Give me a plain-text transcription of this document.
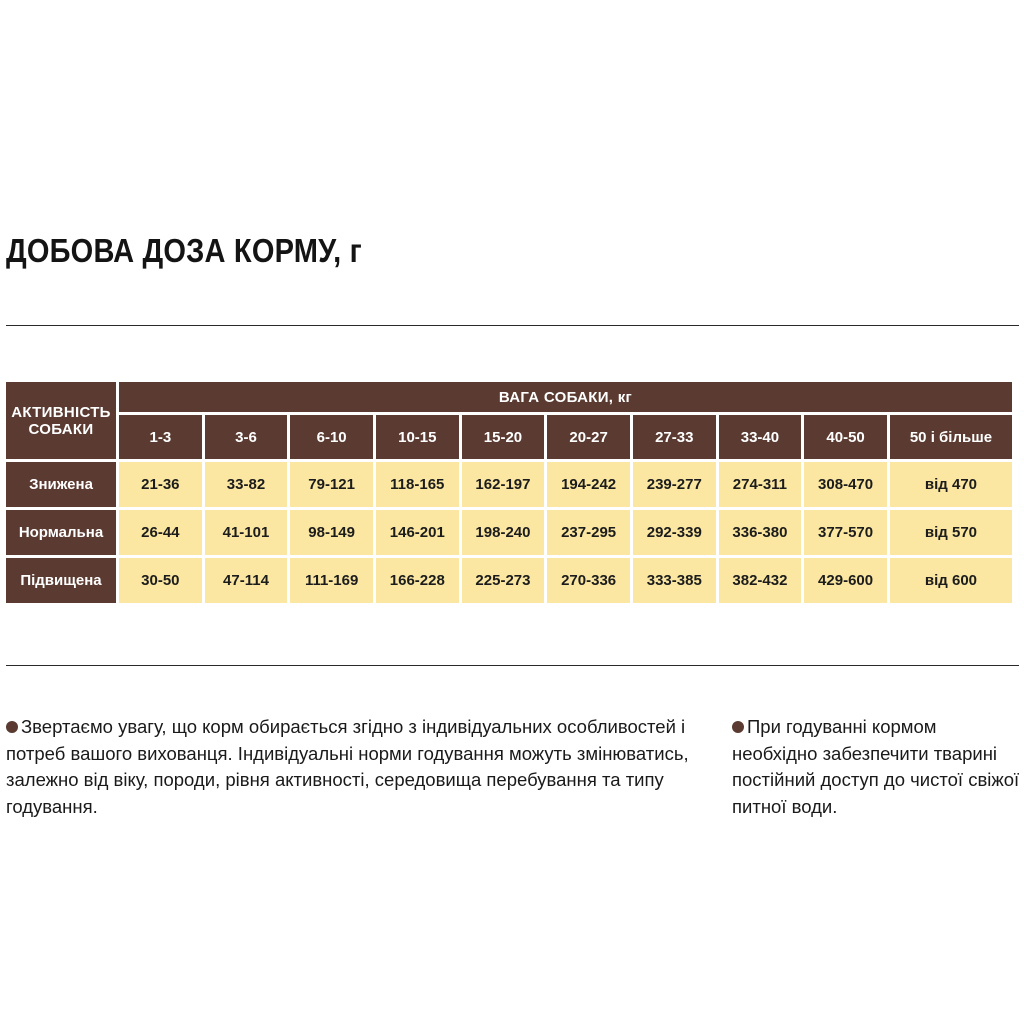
ДОБОВА ДОЗА КОРМУ, г
АКТИВНІСТЬ
СОБАКИ	ВАГА СОБАКИ, кг									
	1-3	3-6	6-10	10-15	15-20	20-27	27-33	33-40	40-50	50 і більше
Знижена	21-36	33-82	79-121	118-165	162-197	194-242	239-277	274-311	308-470	від 470
Нормальна	26-44	41-101	98-149	146-201	198-240	237-295	292-339	336-380	377-570	від 570
Підвищена	30-50	47-114	111-169	166-228	225-273	270-336	333-385	382-432	429-600	від 600

Звертаємо увагу, що корм обирається згідно з індивідуальних особливостей і потреб вашого вихованця. Індивідуальні норми годування можуть змінюватись, залежно від віку, породи, рівня активності, середовища перебування та типу годування.

При годуванні кормом необхідно забезпечити тварині постійний доступ до чистої свіжої питної води.
